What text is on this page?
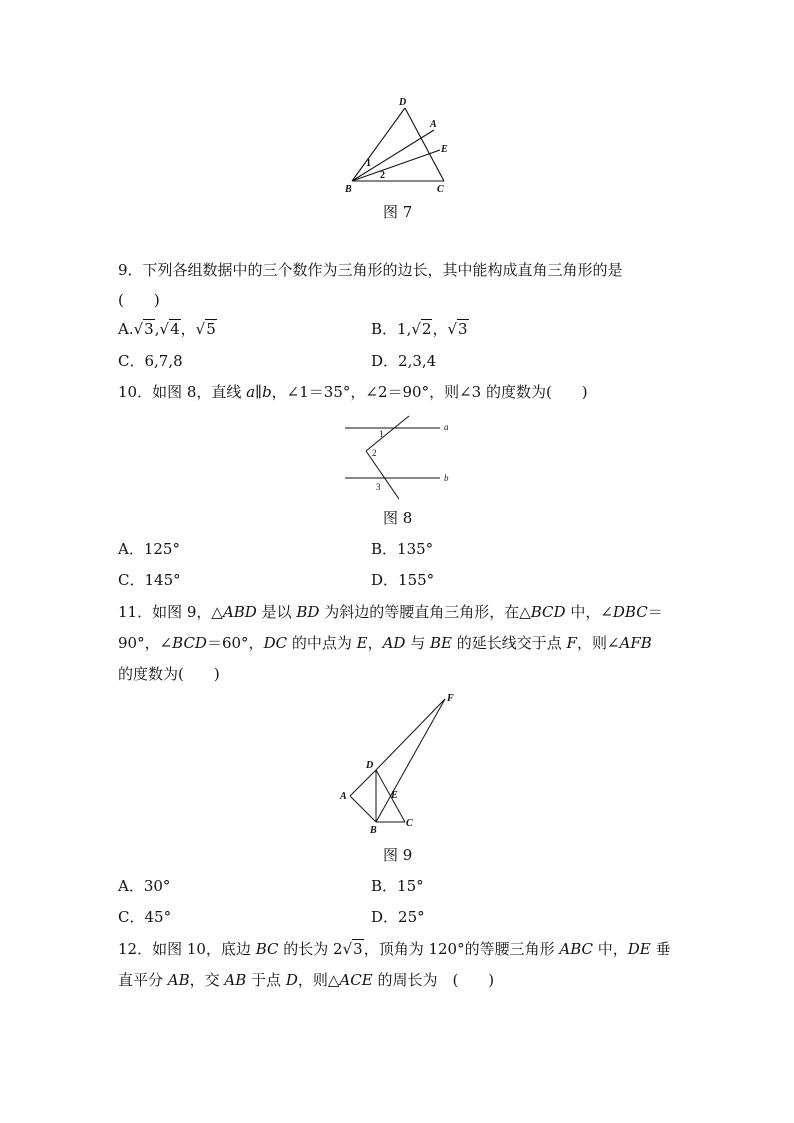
D
A
E
B	C
1
2
图 7
9．下列各组数据中的三个数作为三角形的边长，其中能构成直角三角形的是
(　　)
A.√3,√4，√5	B．1,√2，√3
C．6,7,8	D．2,3,4
10．如图 8，直线 a∥b，∠1＝35°，∠2＝90°，则∠3 的度数为(　　)
1
2
3
a
b
图 8
A．125°	B．135°
C．145°	D．155°
11．如图 9，△ABD 是以 BD 为斜边的等腰直角三角形，在△BCD 中，∠DBC＝
90°，∠BCD＝60°，DC 的中点为 E，AD 与 BE 的延长线交于点 F，则∠AFB
的度数为(　　)
F
D
A	E
B
C
图 9
A．30°	B．15°
C．45°	D．25°
12．如图 10，底边 BC 的长为 2√3，顶角为 120°的等腰三角形 ABC 中，DE 垂
直平分 AB，交 AB 于点 D，则△ACE 的周长为　(　　)
